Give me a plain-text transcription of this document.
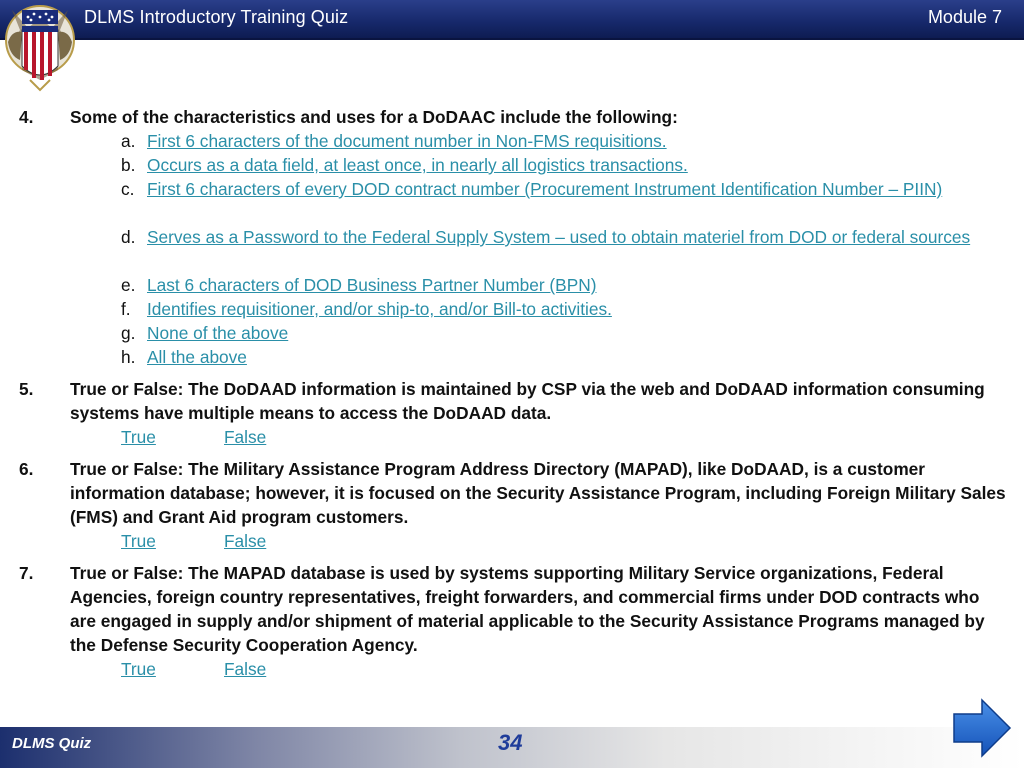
DLMS Introductory Training Quiz	Module 7
4. Some of the characteristics and uses for a DoDAAC include the following:
a. First 6 characters of the document number in Non-FMS requisitions.
b. Occurs as a data field, at least once, in nearly all logistics transactions.
c. First 6 characters of every DOD contract number (Procurement Instrument Identification Number – PIIN)
d. Serves as a Password to the Federal Supply System – used to obtain materiel from DOD or federal sources
e. Last 6 characters of DOD Business Partner Number (BPN)
f. Identifies requisitioner, and/or ship-to, and/or Bill-to activities.
g. None of the above
h. All the above
5. True or False: The DoDAAD information is maintained by CSP via the web and DoDAAD information consuming systems have multiple means to access the DoDAAD data.
True	False
6. True or False: The Military Assistance Program Address Directory (MAPAD), like DoDAAD, is a customer information database; however, it is focused on the Security Assistance Program, including Foreign Military Sales (FMS) and Grant Aid program customers.
True	False
7. True or False: The MAPAD database is used by systems supporting Military Service organizations, Federal Agencies, foreign country representatives, freight forwarders, and commercial firms under DOD contracts who are engaged in supply and/or shipment of material applicable to the Security Assistance Programs managed by the Defense Security Cooperation Agency.
True	False
DLMS Quiz	34
